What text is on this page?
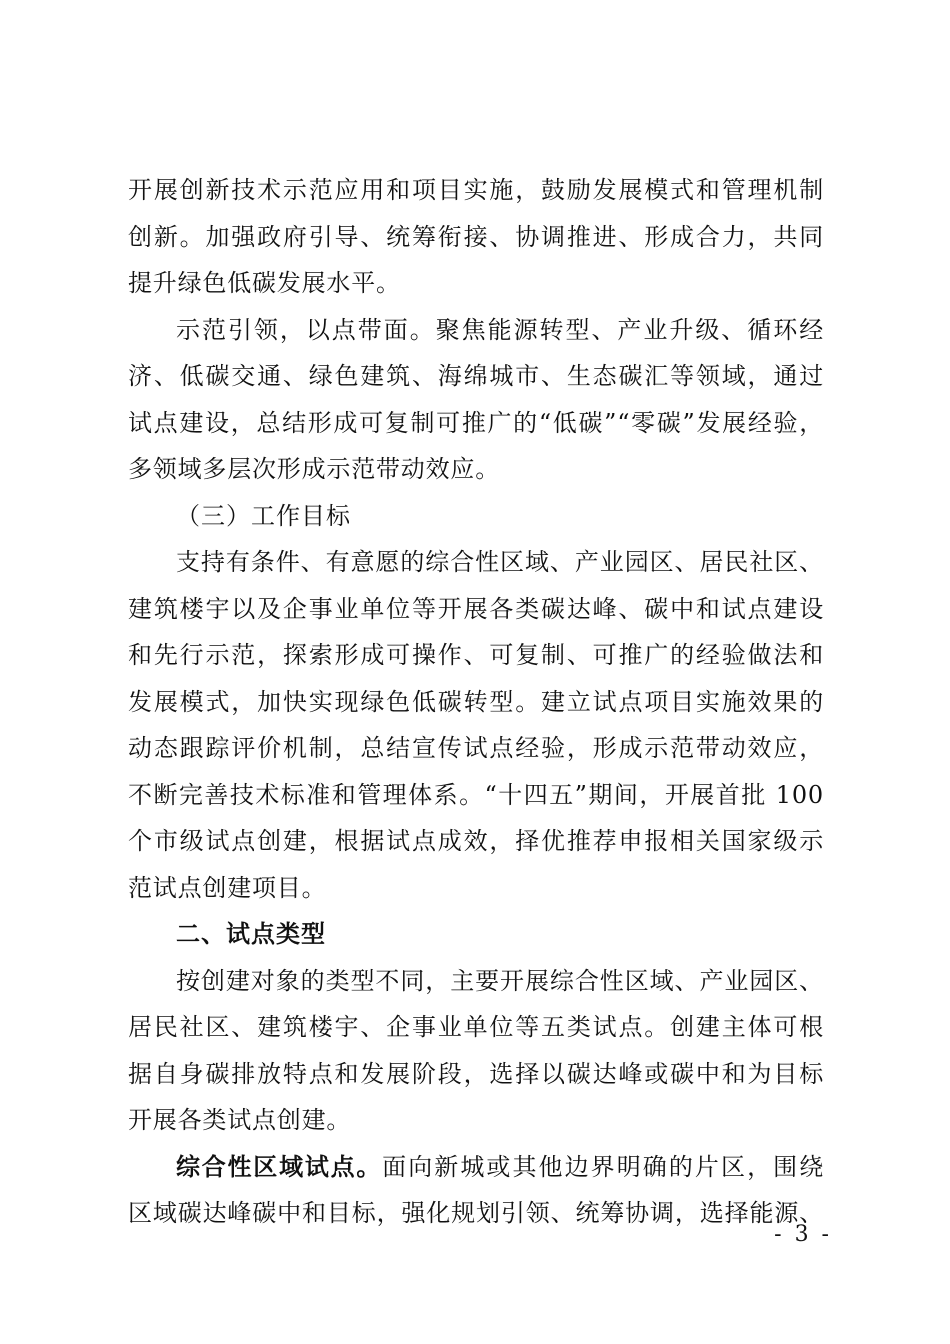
开展创新技术示范应用和项目实施，鼓励发展模式和管理机制
创新。加强政府引导、统筹衔接、协调推进、形成合力，共同
提升绿色低碳发展水平。

示范引领，以点带面。聚焦能源转型、产业升级、循环经
济、低碳交通、绿色建筑、海绵城市、生态碳汇等领域，通过
试点建设，总结形成可复制可推广的“低碳”“零碳”发展经验，
多领域多层次形成示范带动效应。

（三）工作目标

支持有条件、有意愿的综合性区域、产业园区、居民社区、
建筑楼宇以及企事业单位等开展各类碳达峰、碳中和试点建设
和先行示范，探索形成可操作、可复制、可推广的经验做法和
发展模式，加快实现绿色低碳转型。建立试点项目实施效果的
动态跟踪评价机制，总结宣传试点经验，形成示范带动效应，
不断完善技术标准和管理体系。“十四五”期间，开展首批 100
个市级试点创建，根据试点成效，择优推荐申报相关国家级示
范试点创建项目。

二、试点类型

按创建对象的类型不同，主要开展综合性区域、产业园区、
居民社区、建筑楼宇、企事业单位等五类试点。创建主体可根
据自身碳排放特点和发展阶段，选择以碳达峰或碳中和为目标
开展各类试点创建。

综合性区域试点。面向新城或其他边界明确的片区，围绕
区域碳达峰碳中和目标，强化规划引领、统筹协调，选择能源、

- 3 -
